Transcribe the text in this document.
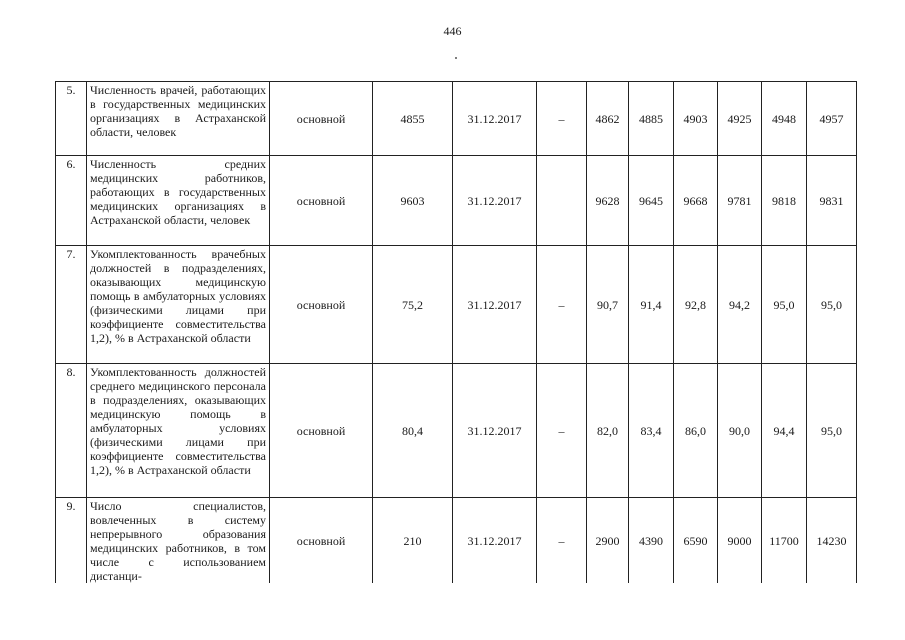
446
5.	Численность врачей, работающих в государственных медицинских организациях в Астраханской области, человек	основной	4855	31.12.2017	–	4862	4885	4903	4925	4948	4957
6.	Численность средних медицинских работников, работающих в государственных медицинских организациях в Астраханской области, человек	основной	9603	31.12.2017		9628	9645	9668	9781	9818	9831
7.	Укомплектованность врачебных должностей в подразделениях, оказывающих медицинскую помощь в амбулаторных условиях (физическими лицами при коэффициенте совместительства 1,2), % в Астраханской области	основной	75,2	31.12.2017	–	90,7	91,4	92,8	94,2	95,0	95,0
8.	Укомплектованность должностей среднего медицинского персонала в подразделениях, оказывающих медицинскую помощь в амбулаторных условиях (физическими лицами при коэффициенте совместительства 1,2), % в Астраханской области	основной	80,4	31.12.2017	–	82,0	83,4	86,0	90,0	94,4	95,0
9.	Число специалистов, вовлеченных в систему непрерывного образования медицинских работников, в том числе с использованием дистанци-	основной	210	31.12.2017	–	2900	4390	6590	9000	11700	14230
